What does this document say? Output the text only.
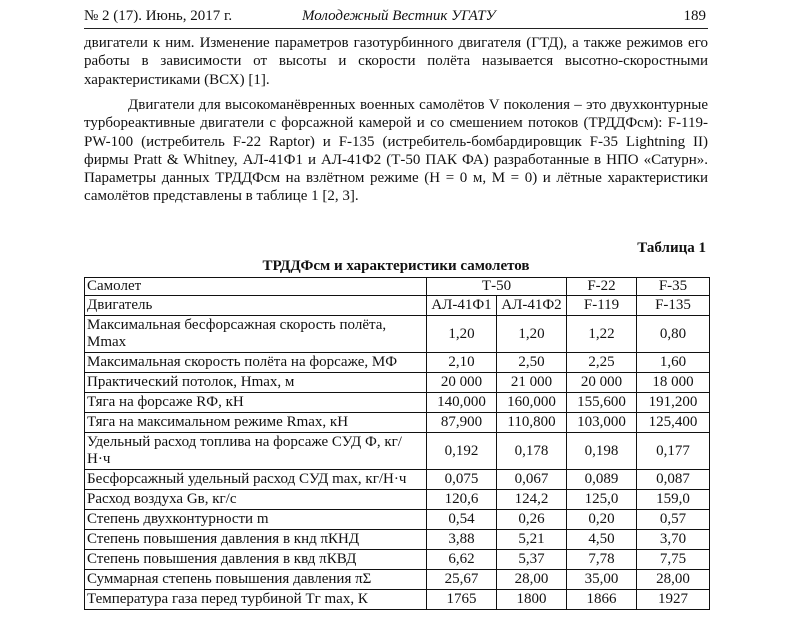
№ 2 (17). Июнь, 2017 г.	Молодежный Вестник УГАТУ	189

двигатели к ним. Изменение параметров газотурбинного двигателя (ГТД), а также режимов его работы в зависимости от высоты и скорости полёта называется высотно-скоростными характеристиками (ВСХ) [1].

Двигатели для высокоманёвренных военных самолётов V поколения – это двухконтурные турбореактивные двигатели с форсажной камерой и со смешением потоков (ТРДДФсм): F-119-PW-100 (истребитель F-22 Raptor) и F-135 (истребитель-бомбардировщик F-35 Lightning II) фирмы Pratt & Whitney, АЛ-41Ф1 и АЛ-41Ф2 (Т-50 ПАК ФА) разработанные в НПО «Сатурн». Параметры данных ТРДДФсм на взлётном режиме (H = 0 м, M = 0) и лётные характеристики самолётов представлены в таблице 1 [2, 3].

Таблица 1
ТРДДФсм и характеристики самолетов
Самолет	Т-50		F-22	F-35
Двигатель	АЛ-41Ф1	АЛ-41Ф2	F-119	F-135
Максимальная бесфорсажная скорость полёта, Mmax	1,20	1,20	1,22	0,80
Максимальная скорость полёта на форсаже, MФ	2,10	2,50	2,25	1,60
Практический потолок, Hmax, м	20 000	21 000	20 000	18 000
Тяга на форсаже RФ, кН	140,000	160,000	155,600	191,200
Тяга на максимальном режиме Rmax, кН	87,900	110,800	103,000	125,400
Удельный расход топлива на форсаже CУД Ф, кг/Н·ч	0,192	0,178	0,198	0,177
Бесфорсажный удельный расход CУД max, кг/Н·ч	0,075	0,067	0,089	0,087
Расход воздуха Gв, кг/с	120,6	124,2	125,0	159,0
Степень двухконтурности m	0,54	0,26	0,20	0,57
Степень повышения давления в кнд πКНД	3,88	5,21	4,50	3,70
Степень повышения давления в квд πКВД	6,62	5,37	7,78	7,75
Суммарная степень повышения давления πΣ	25,67	28,00	35,00	28,00
Температура газа перед турбиной Tг max, К	1765	1800	1866	1927
